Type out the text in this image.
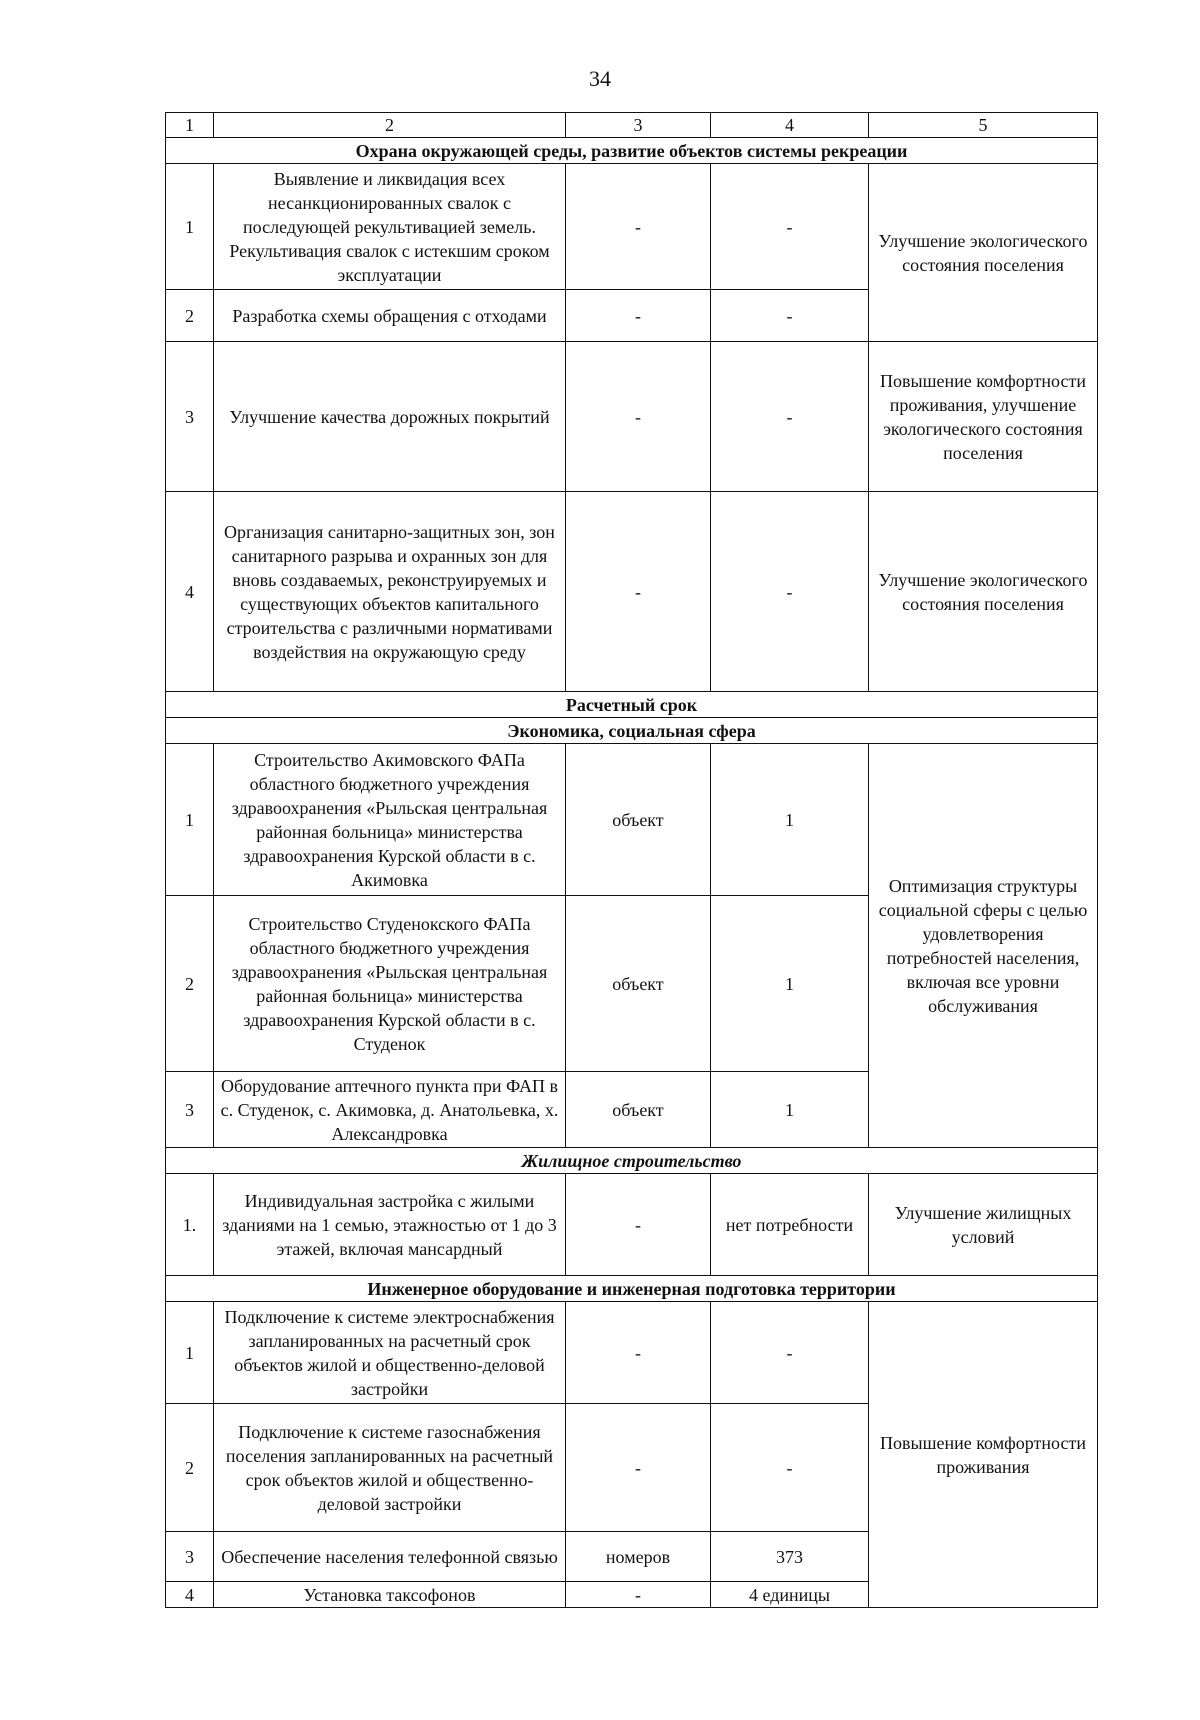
34
1	2	3	4	5
Охрана окружающей среды, развитие объектов системы рекреации				
1	Выявление и ликвидация всех несанкционированных свалок с последующей рекультивацией земель. Рекультивация свалок с истекшим сроком эксплуатации	-	-	Улучшение экологического состояния поселения
2	Разработка схемы обращения с отходами	-	-	
3	Улучшение качества дорожных покрытий	-	-	Повышение комфортности проживания, улучшение экологического состояния поселения
4	Организация санитарно-защитных зон, зон санитарного разрыва и охранных зон для вновь создаваемых, реконструируемых и существующих объектов капитального строительства с различными нормативами воздействия на окружающую среду	-	-	Улучшение экологического состояния поселения
Расчетный срок				
Экономика, социальная сфера				
1	Строительство Акимовского ФАПа областного бюджетного учреждения здравоохранения «Рыльская центральная районная больница» министерства здравоохранения Курской области в с. Акимовка	объект	1	Оптимизация структуры социальной сферы с целью удовлетворения потребностей населения, включая все уровни обслуживания
2	Строительство Студенокского ФАПа областного бюджетного учреждения здравоохранения «Рыльская центральная районная больница» министерства здравоохранения Курской области в с. Студенок	объект	1	
3	Оборудование аптечного пункта при ФАП в с. Студенок, с. Акимовка, д. Анатольевка, х. Александровка	объект	1	
Жилищное строительство				
1.	Индивидуальная застройка с жилыми зданиями на 1 семью, этажностью от 1 до 3 этажей, включая мансардный	-	нет потребности	Улучшение жилищных условий
Инженерное оборудование и инженерная подготовка территории				
1	Подключение к системе электроснабжения запланированных на расчетный срок объектов жилой и общественно-деловой застройки	-	-	Повышение комфортности проживания
2	Подключение к системе газоснабжения поселения запланированных на расчетный срок объектов жилой и общественно-деловой застройки	-	-	
3	Обеспечение населения телефонной связью	номеров	373	
4	Установка таксофонов	-	4 единицы	
